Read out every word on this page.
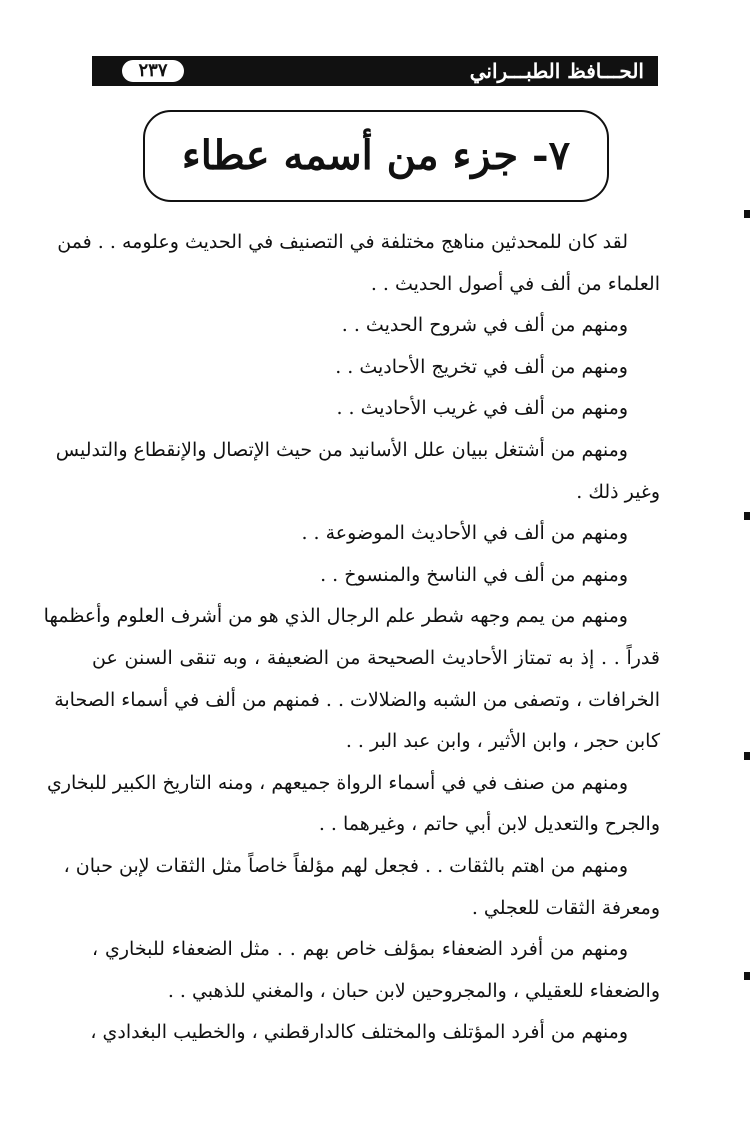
الحـــافظ الطبـــراني
٢٣٧
٧- جزء من أسمه عطاء
لقد كان للمحدثين مناهج مختلفة في التصنيف في الحديث وعلومه . . فمن
العلماء من ألف في أصول الحديث . .
ومنهم من ألف في شروح الحديث . .
ومنهم من ألف في تخريج الأحاديث . .
ومنهم من ألف في غريب الأحاديث . .
ومنهم من أشتغل ببيان علل الأسانيد من حيث الإتصال والإنقطاع والتدليس
وغير ذلك .
ومنهم من ألف في الأحاديث الموضوعة . .
ومنهم من ألف في الناسخ والمنسوخ . .
ومنهم من يمم وجهه شطر علم الرجال الذي هو من أشرف العلوم وأعظمها
قدراً . . إذ به تمتاز الأحاديث الصحيحة من الضعيفة ، وبه تنقى السنن عن
الخرافات ، وتصفى من الشبه والضلالات . . فمنهم من ألف في أسماء الصحابة
كابن حجر ، وابن الأثير ، وابن عبد البر . .
ومنهم من صنف في في أسماء الرواة جميعهم ، ومنه التاريخ الكبير للبخاري
والجرح والتعديل لابن أبي حاتم ، وغيرهما . .
ومنهم من اهتم بالثقات . . فجعل لهم مؤلفاً خاصاً مثل الثقات لإبن حبان ،
ومعرفة الثقات للعجلي .
ومنهم من أفرد الضعفاء بمؤلف خاص بهم . . مثل الضعفاء للبخاري ،
والضعفاء للعقيلي ، والمجروحين لابن حبان ، والمغني للذهبي . .
ومنهم من أفرد المؤتلف والمختلف كالدارقطني ، والخطيب البغدادي ،
